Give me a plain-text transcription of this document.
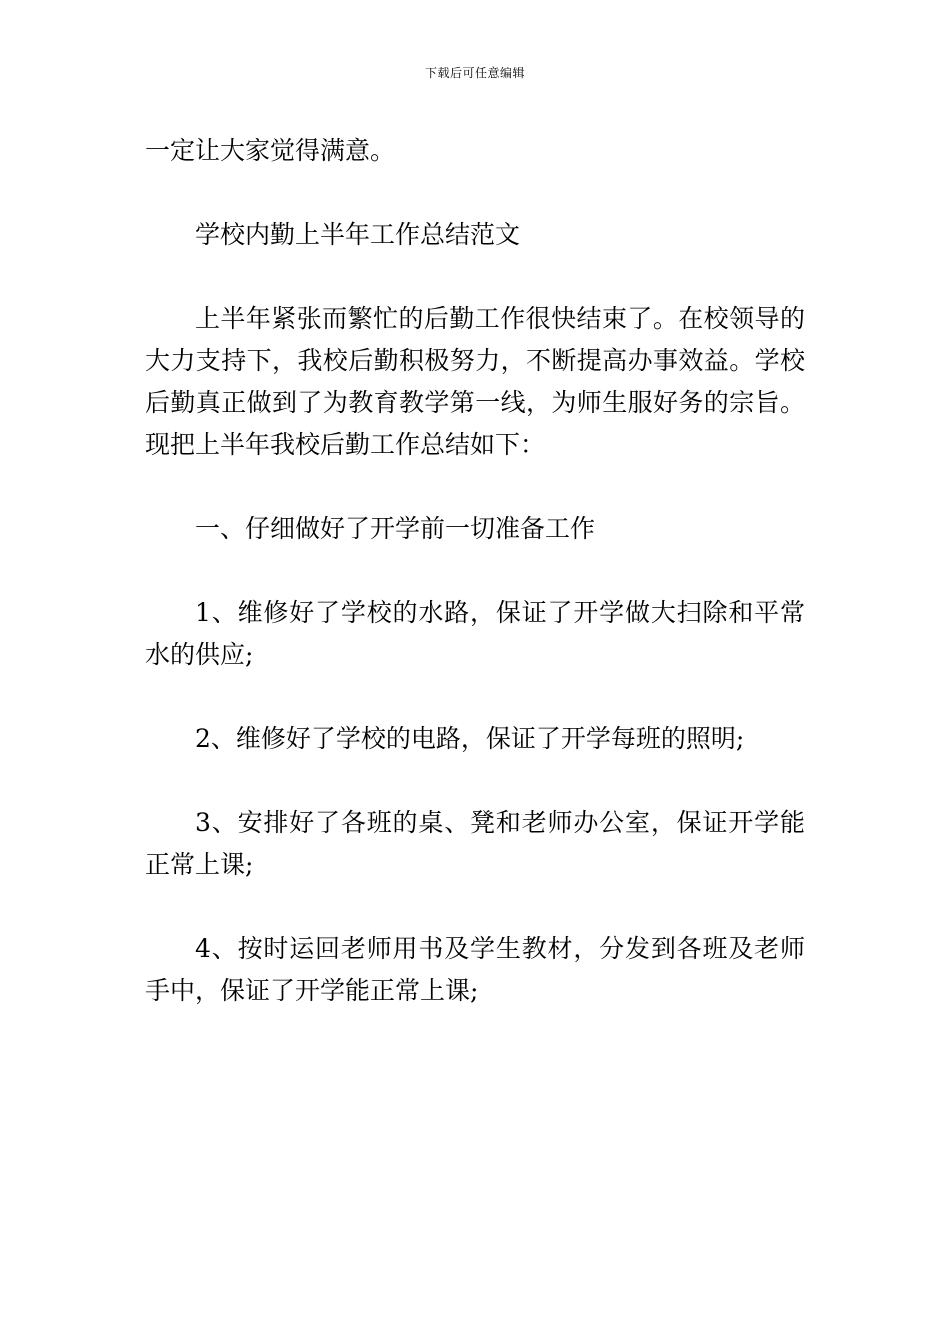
下载后可任意编辑

一定让大家觉得满意。

学校内勤上半年工作总结范文

上半年紧张而繁忙的后勤工作很快结束了。在校领导的大力支持下，我校后勤积极努力，不断提高办事效益。学校后勤真正做到了为教育教学第一线，为师生服好务的宗旨。现把上半年我校后勤工作总结如下：

一、仔细做好了开学前一切准备工作

1、维修好了学校的水路，保证了开学做大扫除和平常水的供应;

2、维修好了学校的电路，保证了开学每班的照明;

3、安排好了各班的桌、凳和老师办公室，保证开学能正常上课;

4、按时运回老师用书及学生教材，分发到各班及老师手中，保证了开学能正常上课;
